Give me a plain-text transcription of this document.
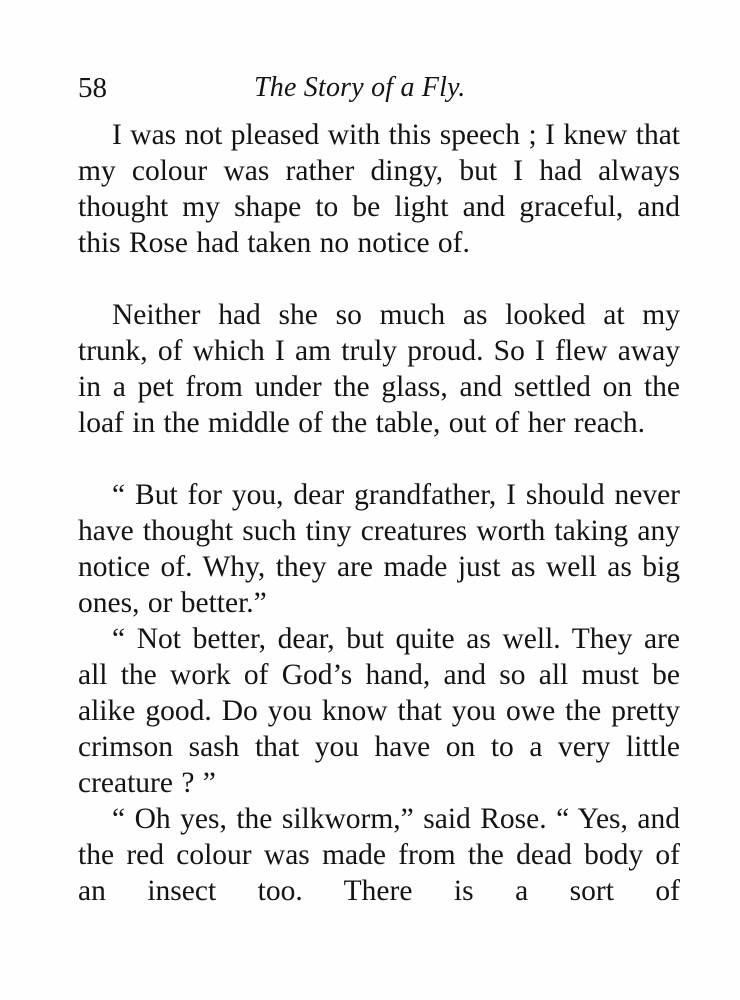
58	The Story of a Fly.

I was not pleased with this speech ; I knew that my colour was rather dingy, but I had always thought my shape to be light and graceful, and this Rose had taken no notice of.

Neither had she so much as looked at my trunk, of which I am truly proud. So I flew away in a pet from under the glass, and settled on the loaf in the middle of the table, out of her reach.

“ But for you, dear grandfather, I should never have thought such tiny creatures worth taking any notice of. Why, they are made just as well as big ones, or better.”

“ Not better, dear, but quite as well. They are all the work of God’s hand, and so all must be alike good. Do you know that you owe the pretty crimson sash that you have on to a very little creature ? ”

“ Oh yes, the silkworm,” said Rose. “ Yes, and the red colour was made from the dead body of an insect too. There is a sort of
